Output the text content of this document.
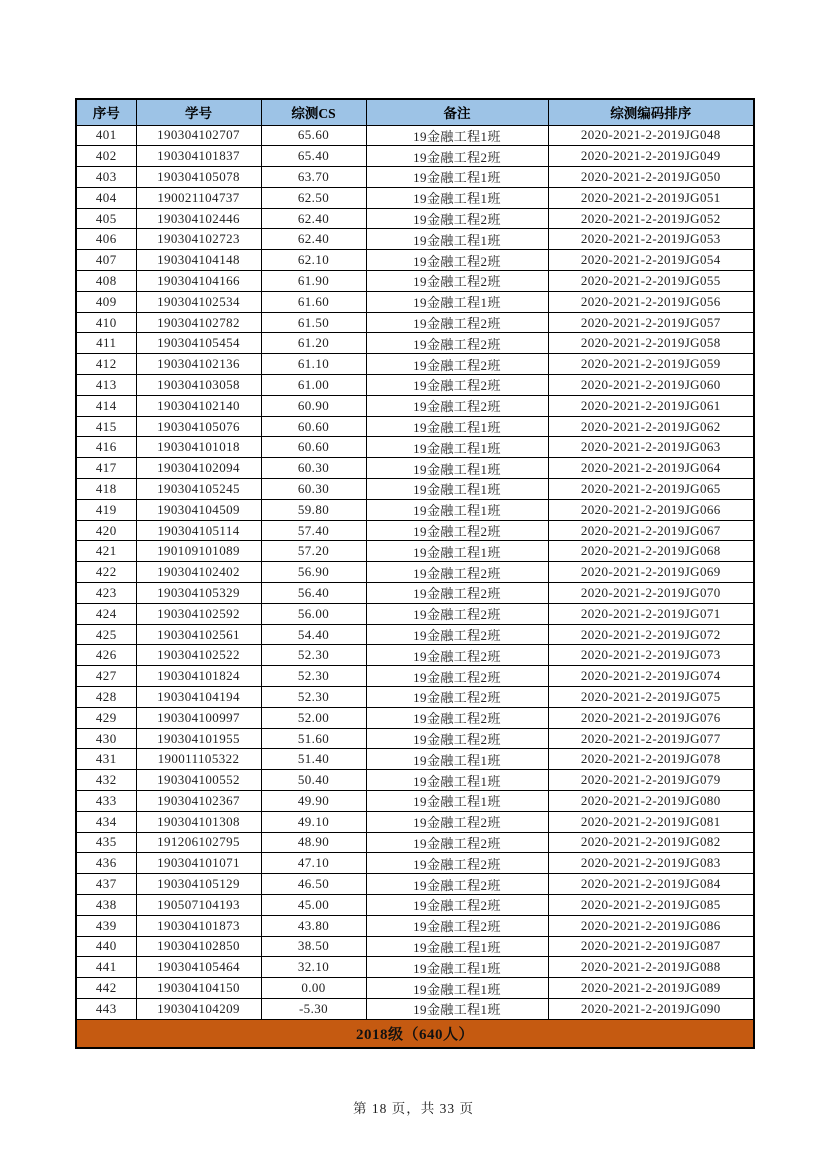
序号	学号	综测CS	备注	综测编码排序
401	190304102707	65.60	19金融工程1班	2020-2021-2-2019JG048
402	190304101837	65.40	19金融工程2班	2020-2021-2-2019JG049
403	190304105078	63.70	19金融工程1班	2020-2021-2-2019JG050
404	190021104737	62.50	19金融工程1班	2020-2021-2-2019JG051
405	190304102446	62.40	19金融工程2班	2020-2021-2-2019JG052
406	190304102723	62.40	19金融工程1班	2020-2021-2-2019JG053
407	190304104148	62.10	19金融工程2班	2020-2021-2-2019JG054
408	190304104166	61.90	19金融工程2班	2020-2021-2-2019JG055
409	190304102534	61.60	19金融工程1班	2020-2021-2-2019JG056
410	190304102782	61.50	19金融工程2班	2020-2021-2-2019JG057
411	190304105454	61.20	19金融工程2班	2020-2021-2-2019JG058
412	190304102136	61.10	19金融工程2班	2020-2021-2-2019JG059
413	190304103058	61.00	19金融工程2班	2020-2021-2-2019JG060
414	190304102140	60.90	19金融工程2班	2020-2021-2-2019JG061
415	190304105076	60.60	19金融工程1班	2020-2021-2-2019JG062
416	190304101018	60.60	19金融工程1班	2020-2021-2-2019JG063
417	190304102094	60.30	19金融工程1班	2020-2021-2-2019JG064
418	190304105245	60.30	19金融工程1班	2020-2021-2-2019JG065
419	190304104509	59.80	19金融工程1班	2020-2021-2-2019JG066
420	190304105114	57.40	19金融工程2班	2020-2021-2-2019JG067
421	190109101089	57.20	19金融工程1班	2020-2021-2-2019JG068
422	190304102402	56.90	19金融工程2班	2020-2021-2-2019JG069
423	190304105329	56.40	19金融工程2班	2020-2021-2-2019JG070
424	190304102592	56.00	19金融工程2班	2020-2021-2-2019JG071
425	190304102561	54.40	19金融工程2班	2020-2021-2-2019JG072
426	190304102522	52.30	19金融工程2班	2020-2021-2-2019JG073
427	190304101824	52.30	19金融工程2班	2020-2021-2-2019JG074
428	190304104194	52.30	19金融工程2班	2020-2021-2-2019JG075
429	190304100997	52.00	19金融工程2班	2020-2021-2-2019JG076
430	190304101955	51.60	19金融工程2班	2020-2021-2-2019JG077
431	190011105322	51.40	19金融工程1班	2020-2021-2-2019JG078
432	190304100552	50.40	19金融工程1班	2020-2021-2-2019JG079
433	190304102367	49.90	19金融工程1班	2020-2021-2-2019JG080
434	190304101308	49.10	19金融工程2班	2020-2021-2-2019JG081
435	191206102795	48.90	19金融工程2班	2020-2021-2-2019JG082
436	190304101071	47.10	19金融工程2班	2020-2021-2-2019JG083
437	190304105129	46.50	19金融工程2班	2020-2021-2-2019JG084
438	190507104193	45.00	19金融工程2班	2020-2021-2-2019JG085
439	190304101873	43.80	19金融工程2班	2020-2021-2-2019JG086
440	190304102850	38.50	19金融工程1班	2020-2021-2-2019JG087
441	190304105464	32.10	19金融工程1班	2020-2021-2-2019JG088
442	190304104150	0.00	19金融工程1班	2020-2021-2-2019JG089
443	190304104209	-5.30	19金融工程1班	2020-2021-2-2019JG090
2018级（640人）				
第 18 页，共 33 页
